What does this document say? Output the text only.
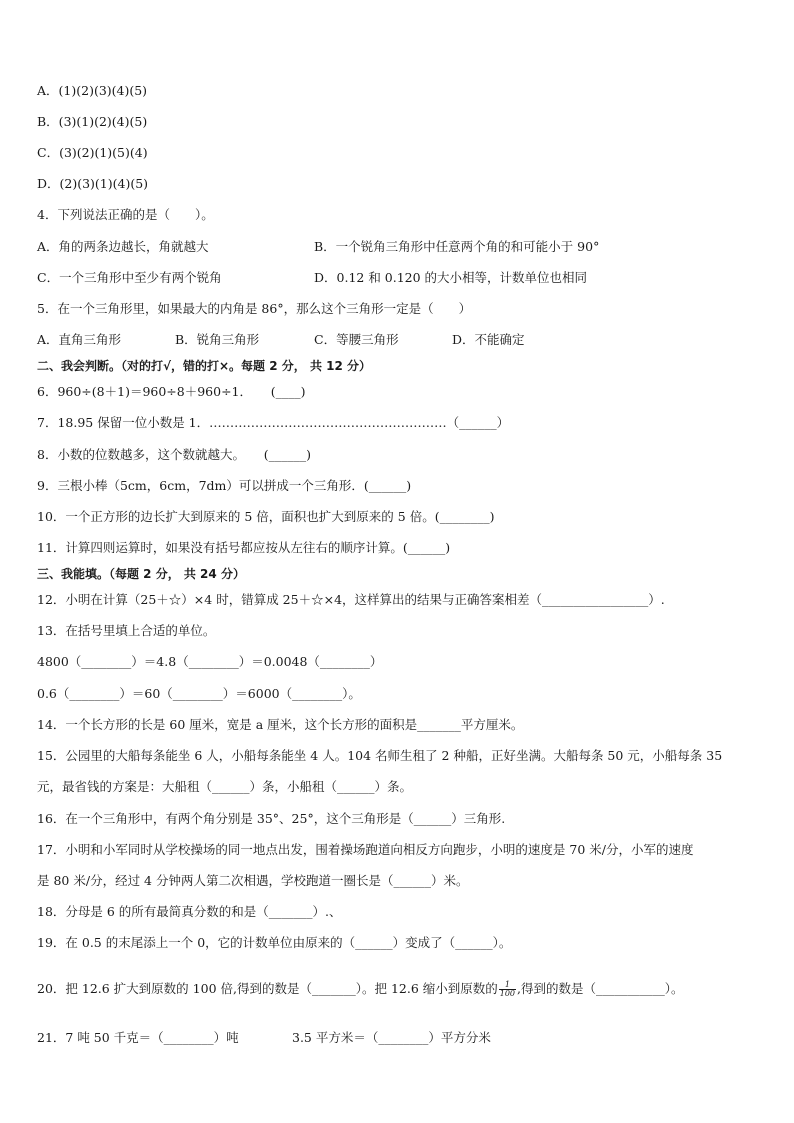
A．(1)(2)(3)(4)(5)
B．(3)(1)(2)(4)(5)
C．(3)(2)(1)(5)(4)
D．(2)(3)(1)(4)(5)
4．下列说法正确的是（　　）。
A．角的两条边越长，角就越大	B．一个锐角三角形中任意两个角的和可能小于 90°
C．一个三角形中至少有两个锐角	D．0.12 和 0.120 的大小相等，计数单位也相同
5．在一个三角形里，如果最大的内角是 86°，那么这个三角形一定是（　　）
A．直角三角形	B．锐角三角形	C．等腰三角形	D．不能确定
二、我会判断。（对的打√，错的打×。每题 2 分， 共 12 分）
6．960÷(8＋1)＝960÷8＋960÷1．　　(____)
7．18.95 保留一位小数是 1．…………………………………………………（______）
8．小数的位数越多，这个数就越大。　　(______)
9．三根小棒（5cm，6cm，7dm）可以拼成一个三角形．(______)
10．一个正方形的边长扩大到原来的 5 倍，面积也扩大到原来的 5 倍。(________)
11．计算四则运算时，如果没有括号都应按从左往右的顺序计算。(______)
三、我能填。（每题 2 分， 共 24 分）
12．小明在计算（25＋☆）×4 时，错算成 25＋☆×4，这样算出的结果与正确答案相差（_________________）.
13．在括号里填上合适的单位。
4800（________）＝4.8（________）＝0.0048（________）
0.6（________）＝60（________）＝6000（________）。
14．一个长方形的长是 60 厘米，宽是 a 厘米，这个长方形的面积是_______平方厘米。
15．公园里的大船每条能坐 6 人，小船每条能坐 4 人。104 名师生租了 2 种船，正好坐满。大船每条 50 元，小船每条 35
元，最省钱的方案是：大船租（______）条，小船租（______）条。
16．在一个三角形中，有两个角分别是 35°、25°，这个三角形是（______）三角形.
17．小明和小军同时从学校操场的同一地点出发，围着操场跑道向相反方向跑步，小明的速度是 70 米/分，小军的速度
是 80 米/分，经过 4 分钟两人第二次相遇，学校跑道一圈长是（______）米。
18．分母是 6 的所有最简真分数的和是（_______）.、
19．在 0.5 的末尾添上一个 0，它的计数单位由原来的（______）变成了（______）。
20．把 12.6 扩大到原数的 100 倍,得到的数是（_______）。把 12.6 缩小到原数的 $\frac{1}{100}$ ,得到的数是（___________）。
21．7 吨 50 千克＝（________）吨	3.5 平方米＝（________）平方分米
